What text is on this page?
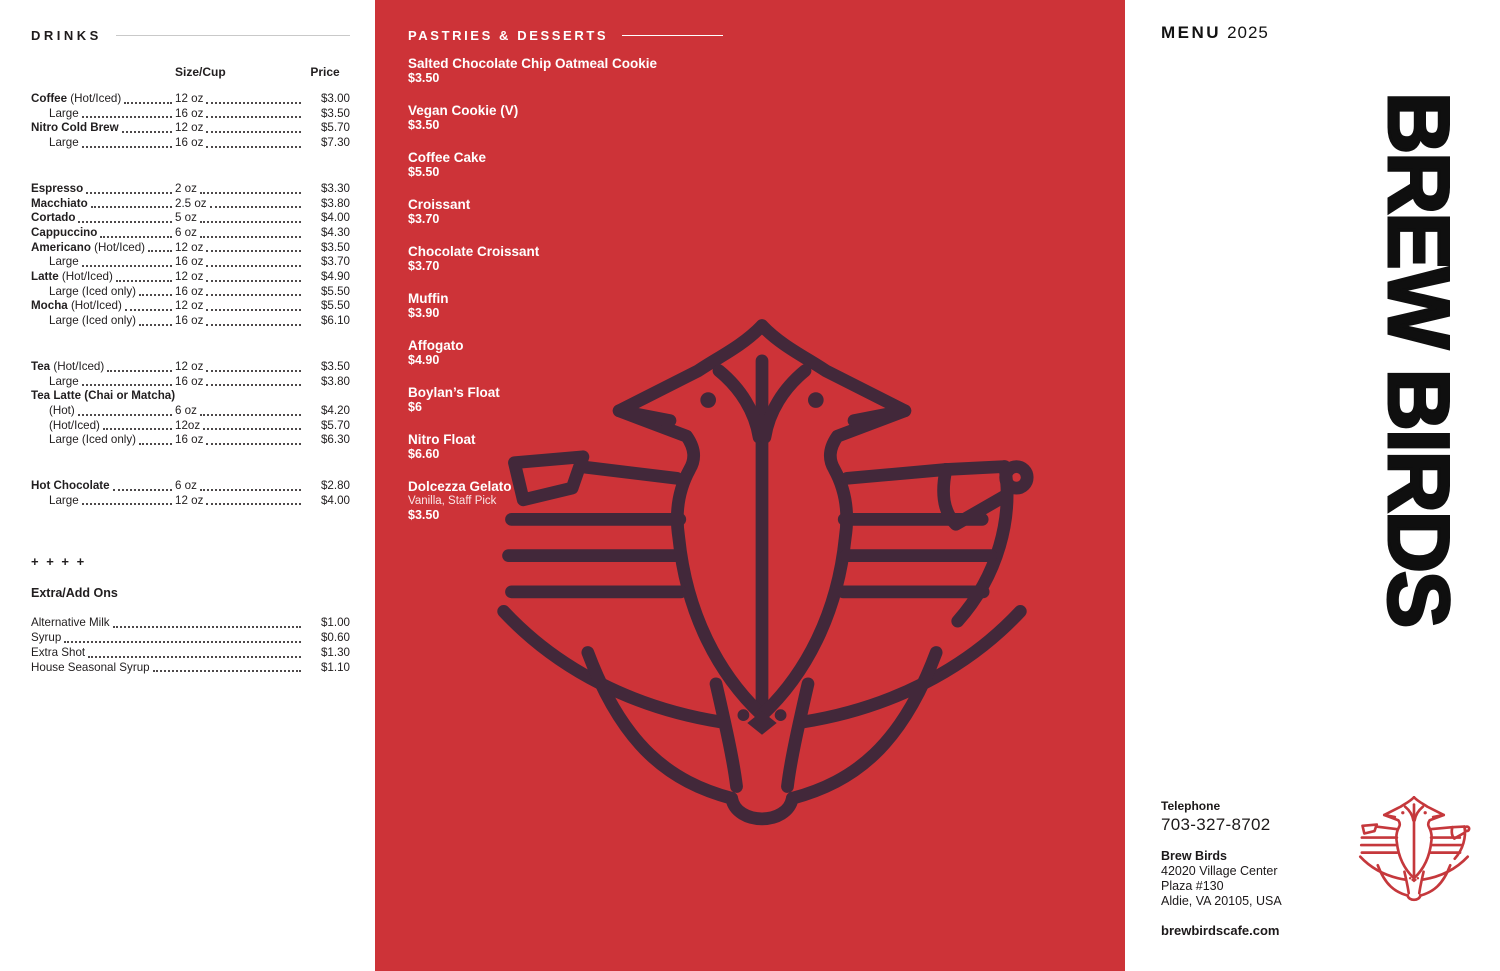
DRINKS
Size/Cup	Price
Coffee (Hot/Iced)	12 oz	$3.00
Large	16 oz	$3.50
Nitro Cold Brew	12 oz	$5.70
Large	16 oz	$7.30
Espresso	2 oz	$3.30
Macchiato	2.5 oz	$3.80
Cortado	5 oz	$4.00
Cappuccino	6 oz	$4.30
Americano (Hot/Iced)	12 oz	$3.50
Large	16 oz	$3.70
Latte (Hot/Iced)	12 oz	$4.90
Large (Iced only)	16 oz	$5.50
Mocha (Hot/Iced)	12 oz	$5.50
Large (Iced only)	16 oz	$6.10
Tea (Hot/Iced)	12 oz	$3.50
Large	16 oz	$3.80
Tea Latte (Chai or Matcha)
(Hot)	6 oz	$4.20
(Hot/Iced)	12oz	$5.70
Large (Iced only)	16 oz	$6.30
Hot Chocolate	6 oz	$2.80
Large	12 oz	$4.00
+ + + +
Extra/Add Ons
Alternative Milk	$1.00
Syrup	$0.60
Extra Shot	$1.30
House Seasonal Syrup	$1.10
PASTRIES & DESSERTS
Salted Chocolate Chip Oatmeal Cookie
$3.50
Vegan Cookie (V)
$3.50
Coffee Cake
$5.50
Croissant
$3.70
Chocolate Croissant
$3.70
Muffin
$3.90
Affogato
$4.90
Boylan’s Float
$6
Nitro Float
$6.60
Dolcezza Gelato
Vanilla, Staff Pick
$3.50
MENU 2025
BREW BIRDS
Telephone
703-327-8702
Brew Birds
42020 Village Center
Plaza #130
Aldie, VA 20105, USA
brewbirdscafe.com
